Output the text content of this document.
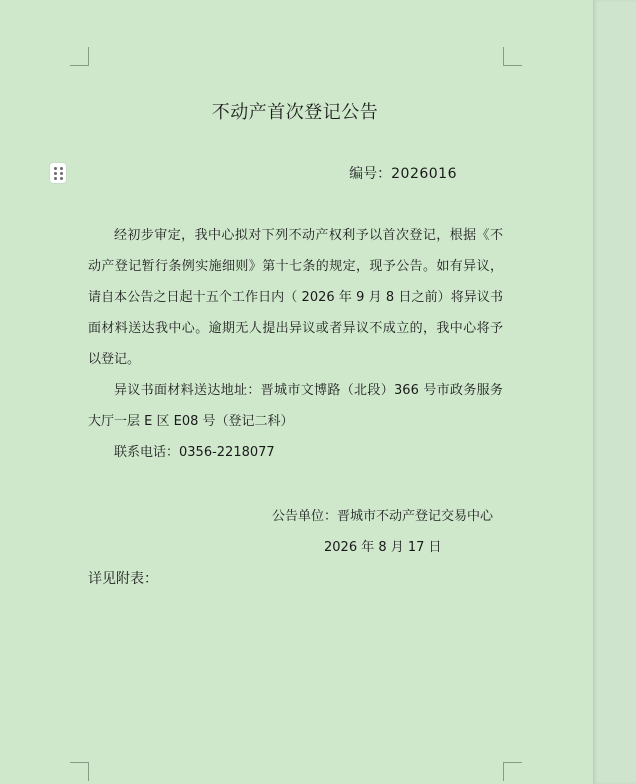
不动产首次登记公告
编号：2026016

经初步审定，我中心拟对下列不动产权利予以首次登记，根据《不动产登记暂行条例实施细则》第十七条的规定，现予公告。如有异议，请自本公告之日起十五个工作日内（ 2026 年 9 月 8 日之前）将异议书面材料送达我中心。逾期无人提出异议或者异议不成立的，我中心将予以登记。

异议书面材料送达地址：晋城市文博路（北段）366 号市政务服务大厅一层 E 区 E08 号（登记二科）

联系电话：0356-2218077

公告单位：晋城市不动产登记交易中心
2026 年 8 月 17 日
详见附表：
